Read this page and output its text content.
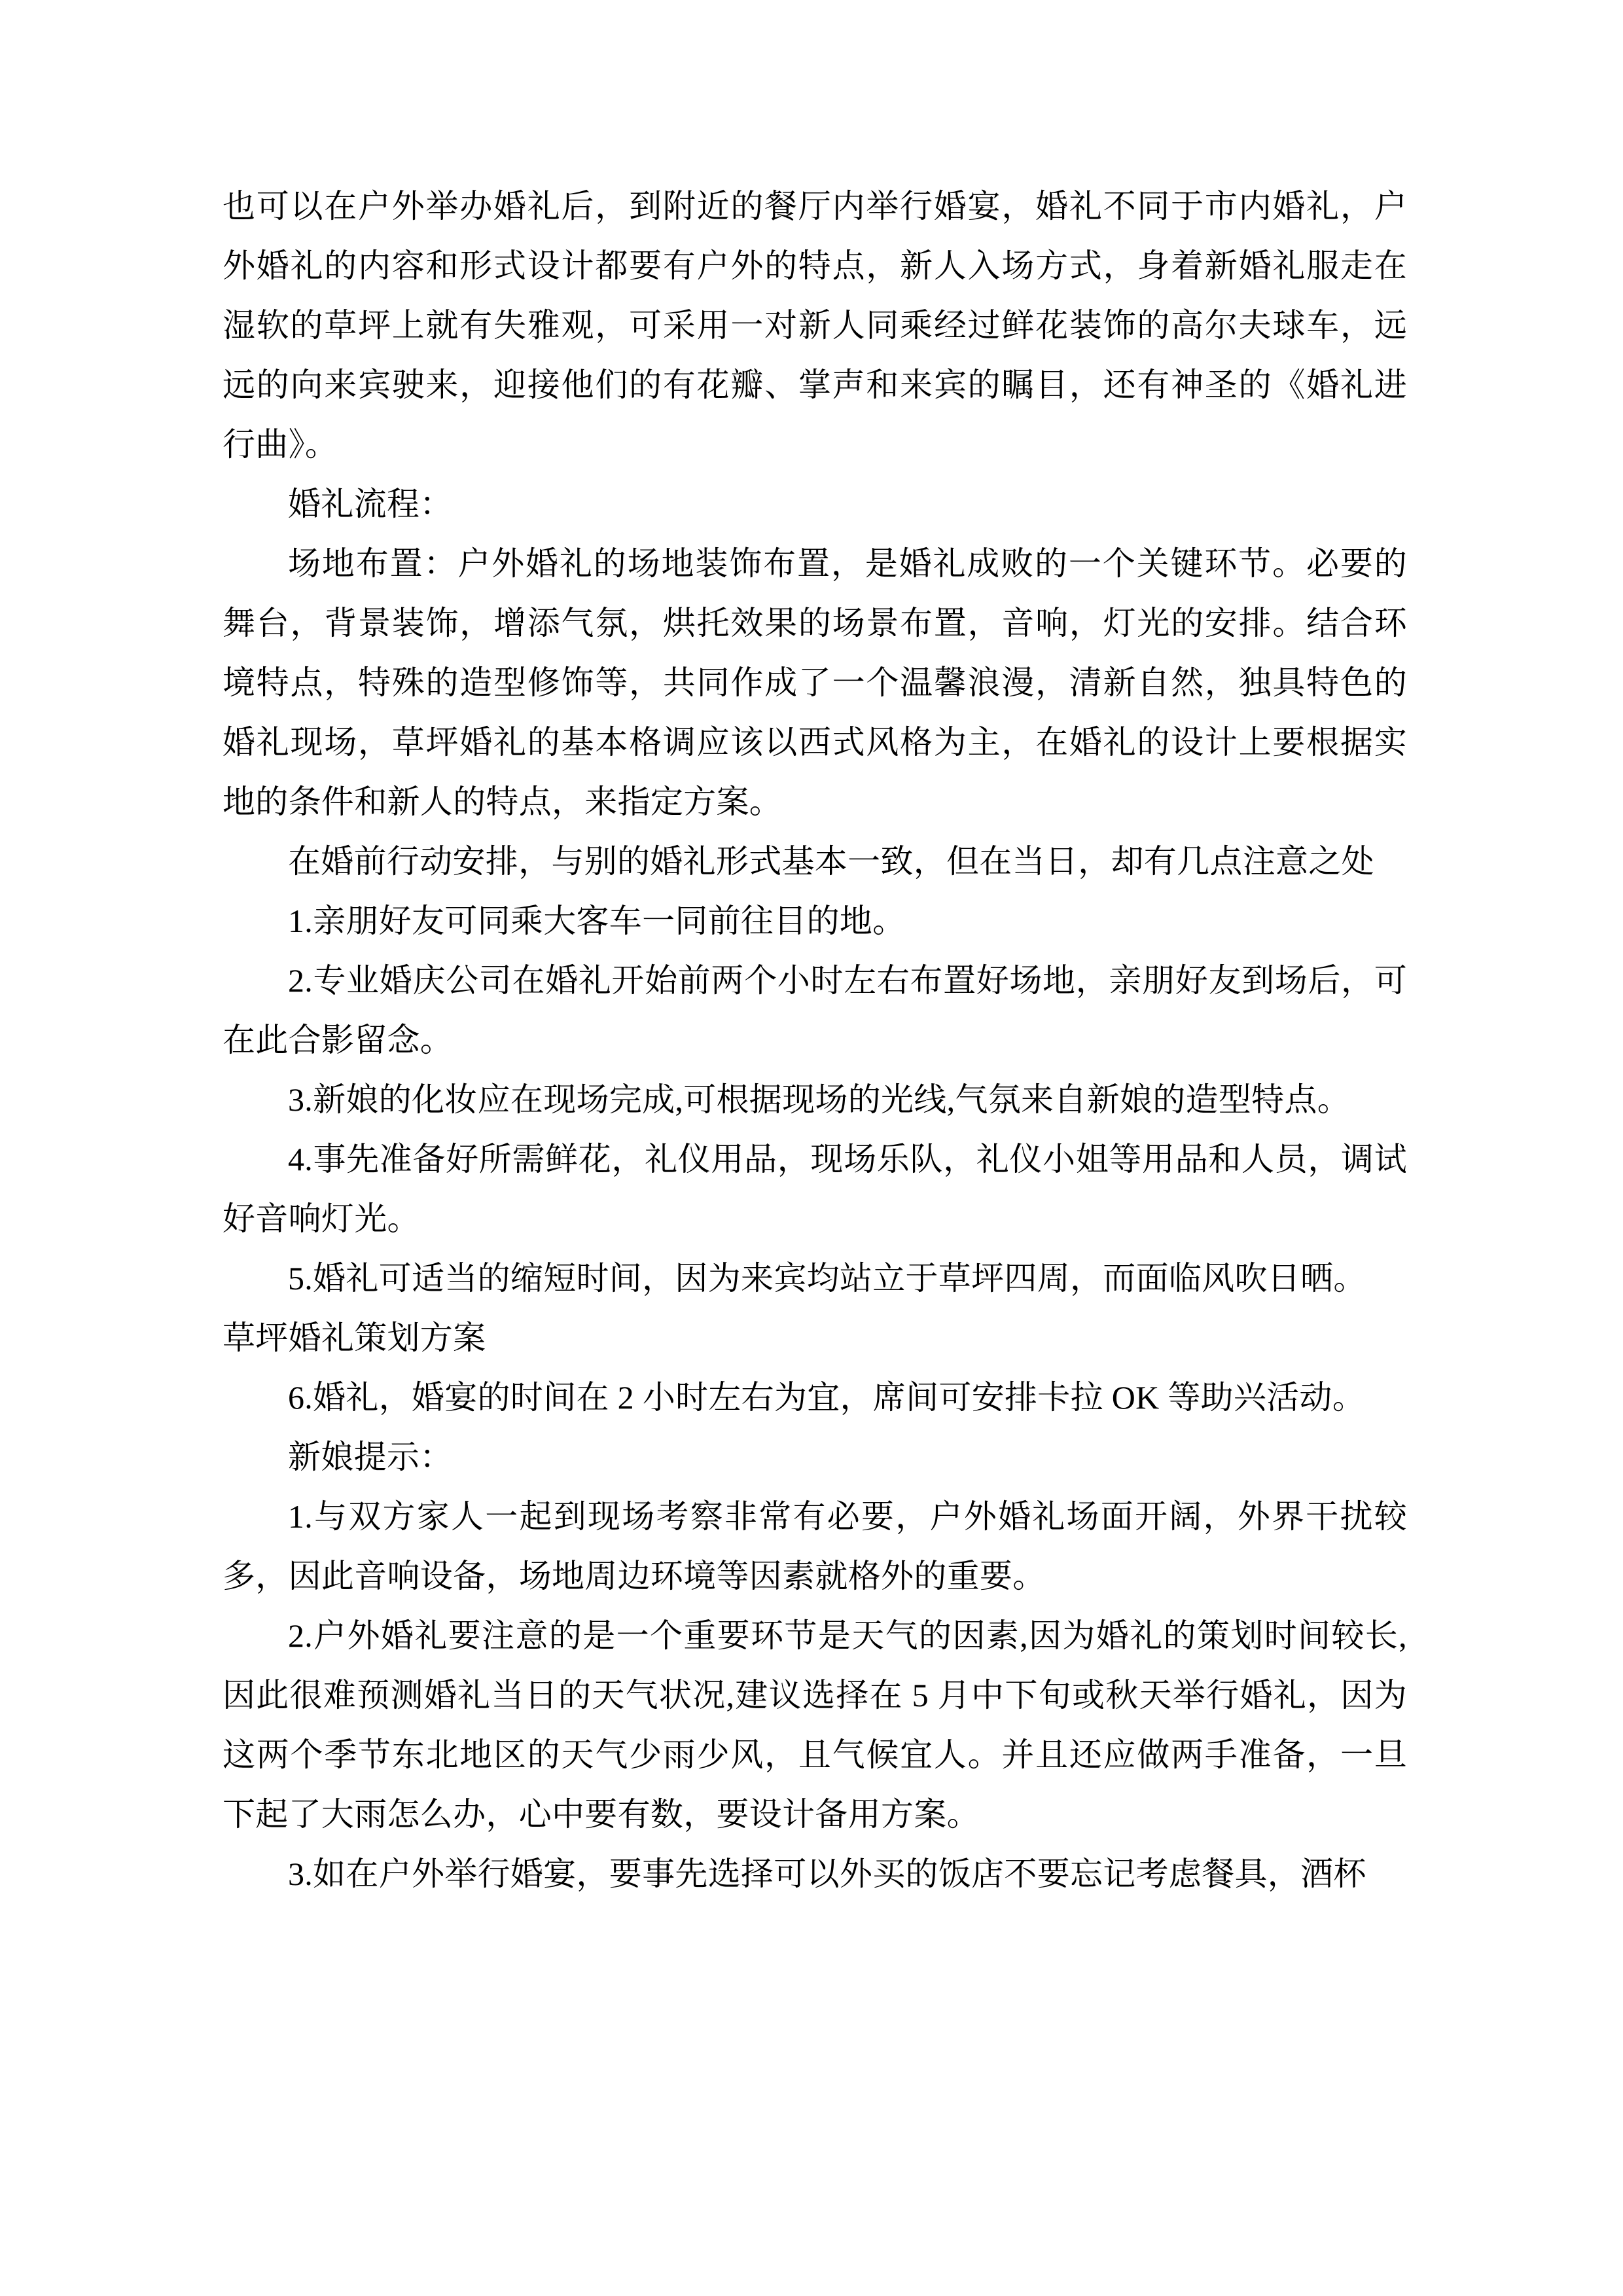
也可以在户外举办婚礼后，到附近的餐厅内举行婚宴，婚礼不同于市内婚礼，户外婚礼的内容和形式设计都要有户外的特点，新人入场方式，身着新婚礼服走在湿软的草坪上就有失雅观，可采用一对新人同乘经过鲜花装饰的高尔夫球车，远远的向来宾驶来，迎接他们的有花瓣、掌声和来宾的瞩目，还有神圣的《婚礼进行曲》。

婚礼流程：

场地布置：户外婚礼的场地装饰布置，是婚礼成败的一个关键环节。必要的舞台，背景装饰，增添气氛，烘托效果的场景布置，音响，灯光的安排。结合环境特点，特殊的造型修饰等，共同作成了一个温馨浪漫，清新自然，独具特色的婚礼现场，草坪婚礼的基本格调应该以西式风格为主，在婚礼的设计上要根据实地的条件和新人的特点，来指定方案。

在婚前行动安排，与别的婚礼形式基本一致，但在当日，却有几点注意之处

1.亲朋好友可同乘大客车一同前往目的地。

2.专业婚庆公司在婚礼开始前两个小时左右布置好场地，亲朋好友到场后，可在此合影留念。

3.新娘的化妆应在现场完成,可根据现场的光线,气氛来自新娘的造型特点。

4.事先准备好所需鲜花，礼仪用品，现场乐队，礼仪小姐等用品和人员，调试好音响灯光。

5.婚礼可适当的缩短时间，因为来宾均站立于草坪四周，而面临风吹日晒。

草坪婚礼策划方案

6.婚礼，婚宴的时间在 2 小时左右为宜，席间可安排卡拉 OK 等助兴活动。

新娘提示：

1.与双方家人一起到现场考察非常有必要，户外婚礼场面开阔，外界干扰较多，因此音响设备，场地周边环境等因素就格外的重要。

2.户外婚礼要注意的是一个重要环节是天气的因素,因为婚礼的策划时间较长,因此很难预测婚礼当日的天气状况,建议选择在 5 月中下旬或秋天举行婚礼，因为这两个季节东北地区的天气少雨少风，且气候宜人。并且还应做两手准备，一旦下起了大雨怎么办，心中要有数，要设计备用方案。

3.如在户外举行婚宴，要事先选择可以外买的饭店不要忘记考虑餐具，酒杯
